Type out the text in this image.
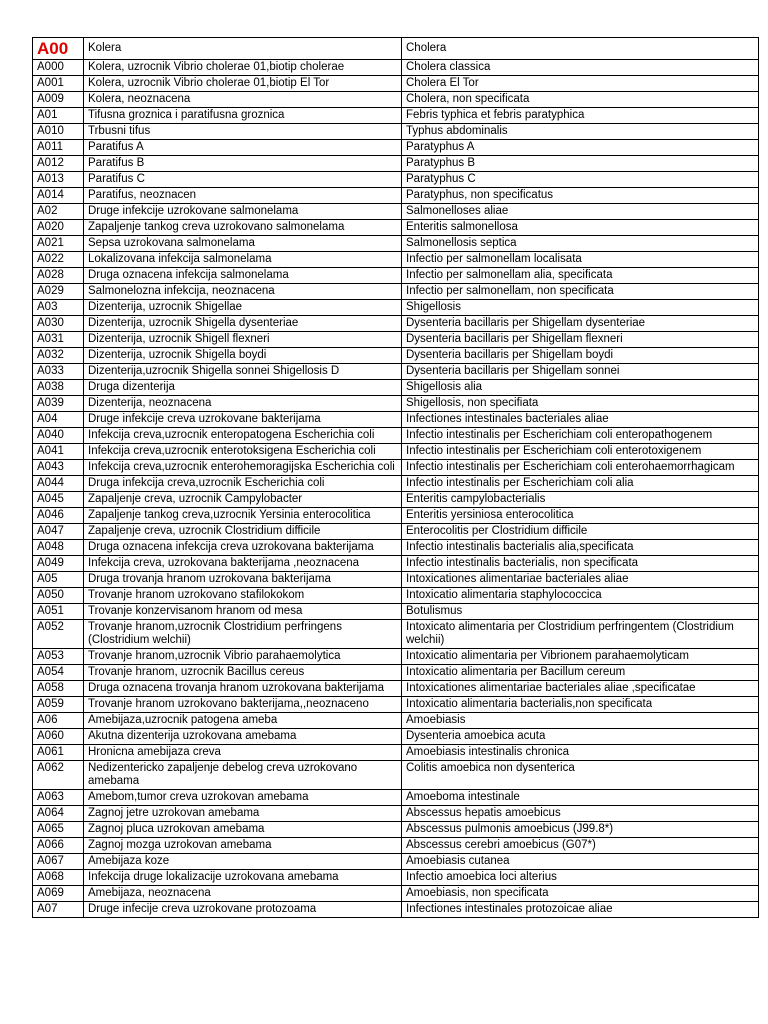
A00	Kolera	Cholera
A000	Kolera, uzrocnik Vibrio cholerae 01,biotip cholerae	Cholera classica
A001	Kolera, uzrocnik Vibrio cholerae 01,biotip El Tor	Cholera El Tor
A009	Kolera, neoznacena	Cholera, non specificata
A01	Tifusna groznica i paratifusna groznica	Febris typhica et febris paratyphica
A010	Trbusni tifus	Typhus abdominalis
A011	Paratifus A	Paratyphus A
A012	Paratifus B	Paratyphus B
A013	Paratifus C	Paratyphus C
A014	Paratifus, neoznacen	Paratyphus, non specificatus
A02	Druge infekcije uzrokovane salmonelama	Salmonelloses aliae
A020	Zapaljenje tankog creva uzrokovano salmonelama	Enteritis salmonellosa
A021	Sepsa uzrokovana salmonelama	Salmonellosis septica
A022	Lokalizovana infekcija salmonelama	Infectio per salmonellam localisata
A028	Druga oznacena infekcija salmonelama	Infectio per salmonellam alia, specificata
A029	Salmonelozna infekcija, neoznacena	Infectio per salmonellam, non specificata
A03	Dizenterija, uzrocnik Shigellae	Shigellosis
A030	Dizenterija, uzrocnik Shigella dysenteriae	Dysenteria bacillaris per Shigellam dysenteriae
A031	Dizenterija, uzrocnik Shigell flexneri	Dysenteria bacillaris per Shigellam flexneri
A032	Dizenterija, uzrocnik Shigella boydi	Dysenteria bacillaris per Shigellam boydi
A033	Dizenterija,uzrocnik Shigella sonnei Shigellosis D	Dysenteria bacillaris per Shigellam sonnei
A038	Druga dizenterija	Shigellosis alia
A039	Dizenterija, neoznacena	Shigellosis, non specifiata
A04	Druge infekcije creva uzrokovane bakterijama	Infectiones intestinales bacteriales aliae
A040	Infekcija creva,uzrocnik enteropatogena Escherichia coli	Infectio intestinalis per Escherichiam coli enteropathogenem
A041	Infekcija creva,uzrocnik enterotoksigena Escherichia coli	Infectio intestinalis per Escherichiam coli enterotoxigenem
A043	Infekcija creva,uzrocnik enterohemoragijska Escherichia coli	Infectio intestinalis per Escherichiam coli enterohaemorrhagicam
A044	Druga infekcija creva,uzrocnik Escherichia coli	Infectio intestinalis per Escherichiam coli alia
A045	Zapaljenje creva, uzrocnik Campylobacter	Enteritis campylobacterialis
A046	Zapaljenje tankog creva,uzrocnik Yersinia enterocolitica	Enteritis yersiniosa enterocolitica
A047	Zapaljenje creva, uzrocnik Clostridium difficile	Enterocolitis per Clostridium difficile
A048	Druga oznacena infekcija creva uzrokovana bakterijama	Infectio intestinalis bacterialis alia,specificata
A049	Infekcija creva, uzrokovana bakterijama ,neoznacena	Infectio intestinalis bacterialis, non specificata
A05	Druga trovanja hranom uzrokovana bakterijama	Intoxicationes alimentariae bacteriales aliae
A050	Trovanje hranom uzrokovano stafilokokom	Intoxicatio alimentaria staphylococcica
A051	Trovanje konzervisanom hranom od mesa	Botulismus
A052	Trovanje hranom,uzrocnik Clostridium perfringens (Clostridium welchii)	Intoxicato alimentaria per Clostridium perfringentem (Clostridium welchii)
A053	Trovanje hranom,uzrocnik Vibrio parahaemolytica	Intoxicatio alimentaria per Vibrionem parahaemolyticam
A054	Trovanje hranom, uzrocnik Bacillus cereus	Intoxicatio alimentaria per Bacillum cereum
A058	Druga oznacena trovanja hranom uzrokovana bakterijama	Intoxicationes alimentariae bacteriales aliae ,specificatae
A059	Trovanje hranom uzrokovano bakterijama,,neoznaceno	Intoxicatio alimentaria bacterialis,non specificata
A06	Amebijaza,uzrocnik patogena ameba	Amoebiasis
A060	Akutna dizenterija uzrokovana amebama	Dysenteria amoebica acuta
A061	Hronicna amebijaza creva	Amoebiasis intestinalis chronica
A062	Nedizentericko zapaljenje debelog creva uzrokovano amebama	Colitis amoebica non dysenterica
A063	Amebom,tumor creva uzrokovan amebama	Amoeboma intestinale
A064	Zagnoj jetre uzrokovan amebama	Abscessus hepatis amoebicus
A065	Zagnoj pluca uzrokovan amebama	Abscessus pulmonis amoebicus (J99.8*)
A066	Zagnoj mozga uzrokovan amebama	Abscessus cerebri amoebicus (G07*)
A067	Amebijaza koze	Amoebiasis cutanea
A068	Infekcija druge lokalizacije uzrokovana amebama	Infectio amoebica loci alterius
A069	Amebijaza, neoznacena	Amoebiasis, non specificata
A07	Druge infecije creva uzrokovane protozoama	Infectiones intestinales protozoicae aliae
